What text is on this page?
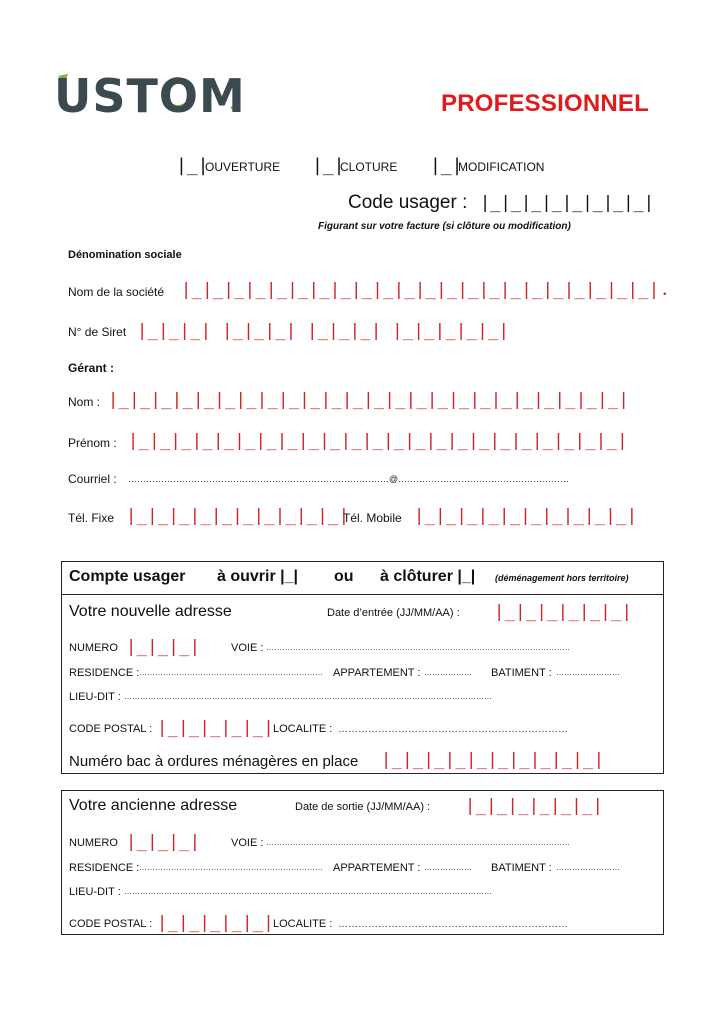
USTOM	PROFESSIONNEL
|_|
OUVERTURE |_|
CLOTURE |_|
MODIFICATION
Code usager : |_|_|_|_|_|_|_|_|
Figurant sur votre facture (si clôture ou modification)
Dénomination sociale
Nom de la société |_|_|_|_|_|_|_|_|_|_|_|_|_|_|_|_|_|_|_|_|_|_|.
N° de Siret |_|_|_| |_|_|_| |_|_|_| |_|_|_|_|_|
Gérant :
Nom : |_|_|_|_|_|_|_|_|_|_|_|_|_|_|_|_|_|_|_|_|_|_|_|_|
Prénom : |_|_|_|_|_|_|_|_|_|_|_|_|_|_|_|_|_|_|_|_|_|_|_|
Courriel : ……………………………………………………………………………@…………………………………………………
Tél. Fixe |_|_|_|_|_|_|_|_|_|_|
Tél. Mobile |_|_|_|_|_|_|_|_|_|_|
Compte usager à ouvrir |_| ou à clôturer |_| (déménagement hors territoire)
Votre nouvelle adresse	Date d’entrée (JJ/MM/AA) : |_|_|_|_|_|_|
NUMERO |_|_|_|	VOIE : ……………………………………………………………………………………………………
RESIDENCE : …………………………………………………………… APPARTEMENT : ……………… BATIMENT : ……………………
LIEU-DIT : …………………………………………………………………………………………………………………………
CODE POSTAL : |_|_|_|_|_| LOCALITE : ……………………………………………………………
Numéro bac à ordures ménagères en place |_|_|_|_|_|_|_|_|_|_|
Votre ancienne adresse	Date de sortie (JJ/MM/AA) : |_|_|_|_|_|_|
NUMERO |_|_|_|	VOIE : ……………………………………………………………………………………………………
RESIDENCE : …………………………………………………………… APPARTEMENT : ……………… BATIMENT : ……………………
LIEU-DIT : …………………………………………………………………………………………………………………………
CODE POSTAL : |_|_|_|_|_| LOCALITE : ……………………………………………………………
